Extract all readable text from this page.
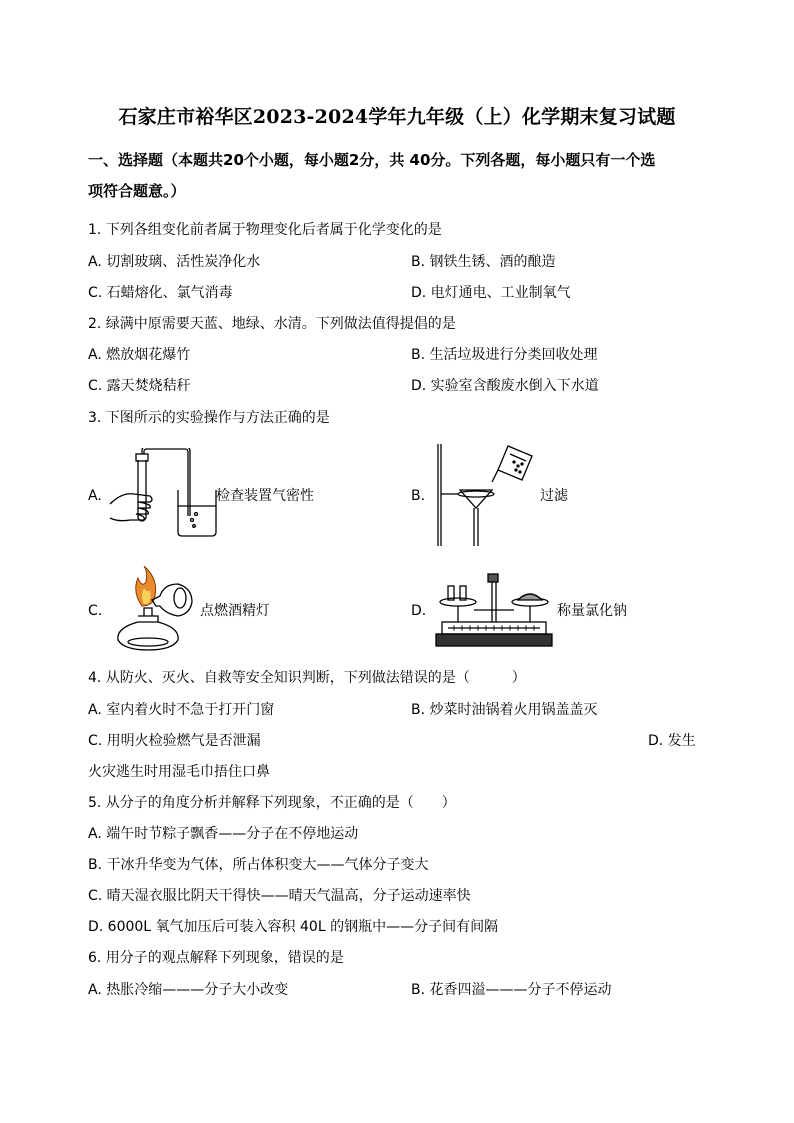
石家庄市裕华区2023-2024学年九年级（上）化学期末复习试题
一、选择题（本题共20个小题，每小题2分，共 40分。下列各题，每小题只有一个选
项符合题意。）
1. 下列各组变化前者属于物理变化后者属于化学变化的是
A. 切割玻璃、活性炭净化水	B. 钢铁生锈、酒的酿造
C. 石蜡熔化、氯气消毒	D. 电灯通电、工业制氧气
2. 绿满中原需要天蓝、地绿、水清。下列做法值得提倡的是
A. 燃放烟花爆竹	B. 生活垃圾进行分类回收处理
C. 露天焚烧秸秆	D. 实验室含酸废水倒入下水道
3. 下图所示的实验操作与方法正确的是
A.	检查装置气密性	B.	过滤
C.	点燃酒精灯	D.	称量氯化钠
4. 从防火、灭火、自救等安全知识判断，下列做法错误的是（　　　）
A. 室内着火时不急于打开门窗	B. 炒菜时油锅着火用锅盖盖灭
C. 用明火检验燃气是否泄漏	D. 发生
火灾逃生时用湿毛巾捂住口鼻
5. 从分子的角度分析并解释下列现象，不正确的是（　　）
A. 端午时节粽子飘香——分子在不停地运动
B. 干冰升华变为气体，所占体积变大——气体分子变大
C. 晴天湿衣服比阴天干得快——晴天气温高，分子运动速率快
D. 6000L 氧气加压后可装入容积 40L 的钢瓶中——分子间有间隔
6. 用分子的观点解释下列现象，错误的是
A. 热胀冷缩———分子大小改变	B. 花香四溢———分子不停运动
